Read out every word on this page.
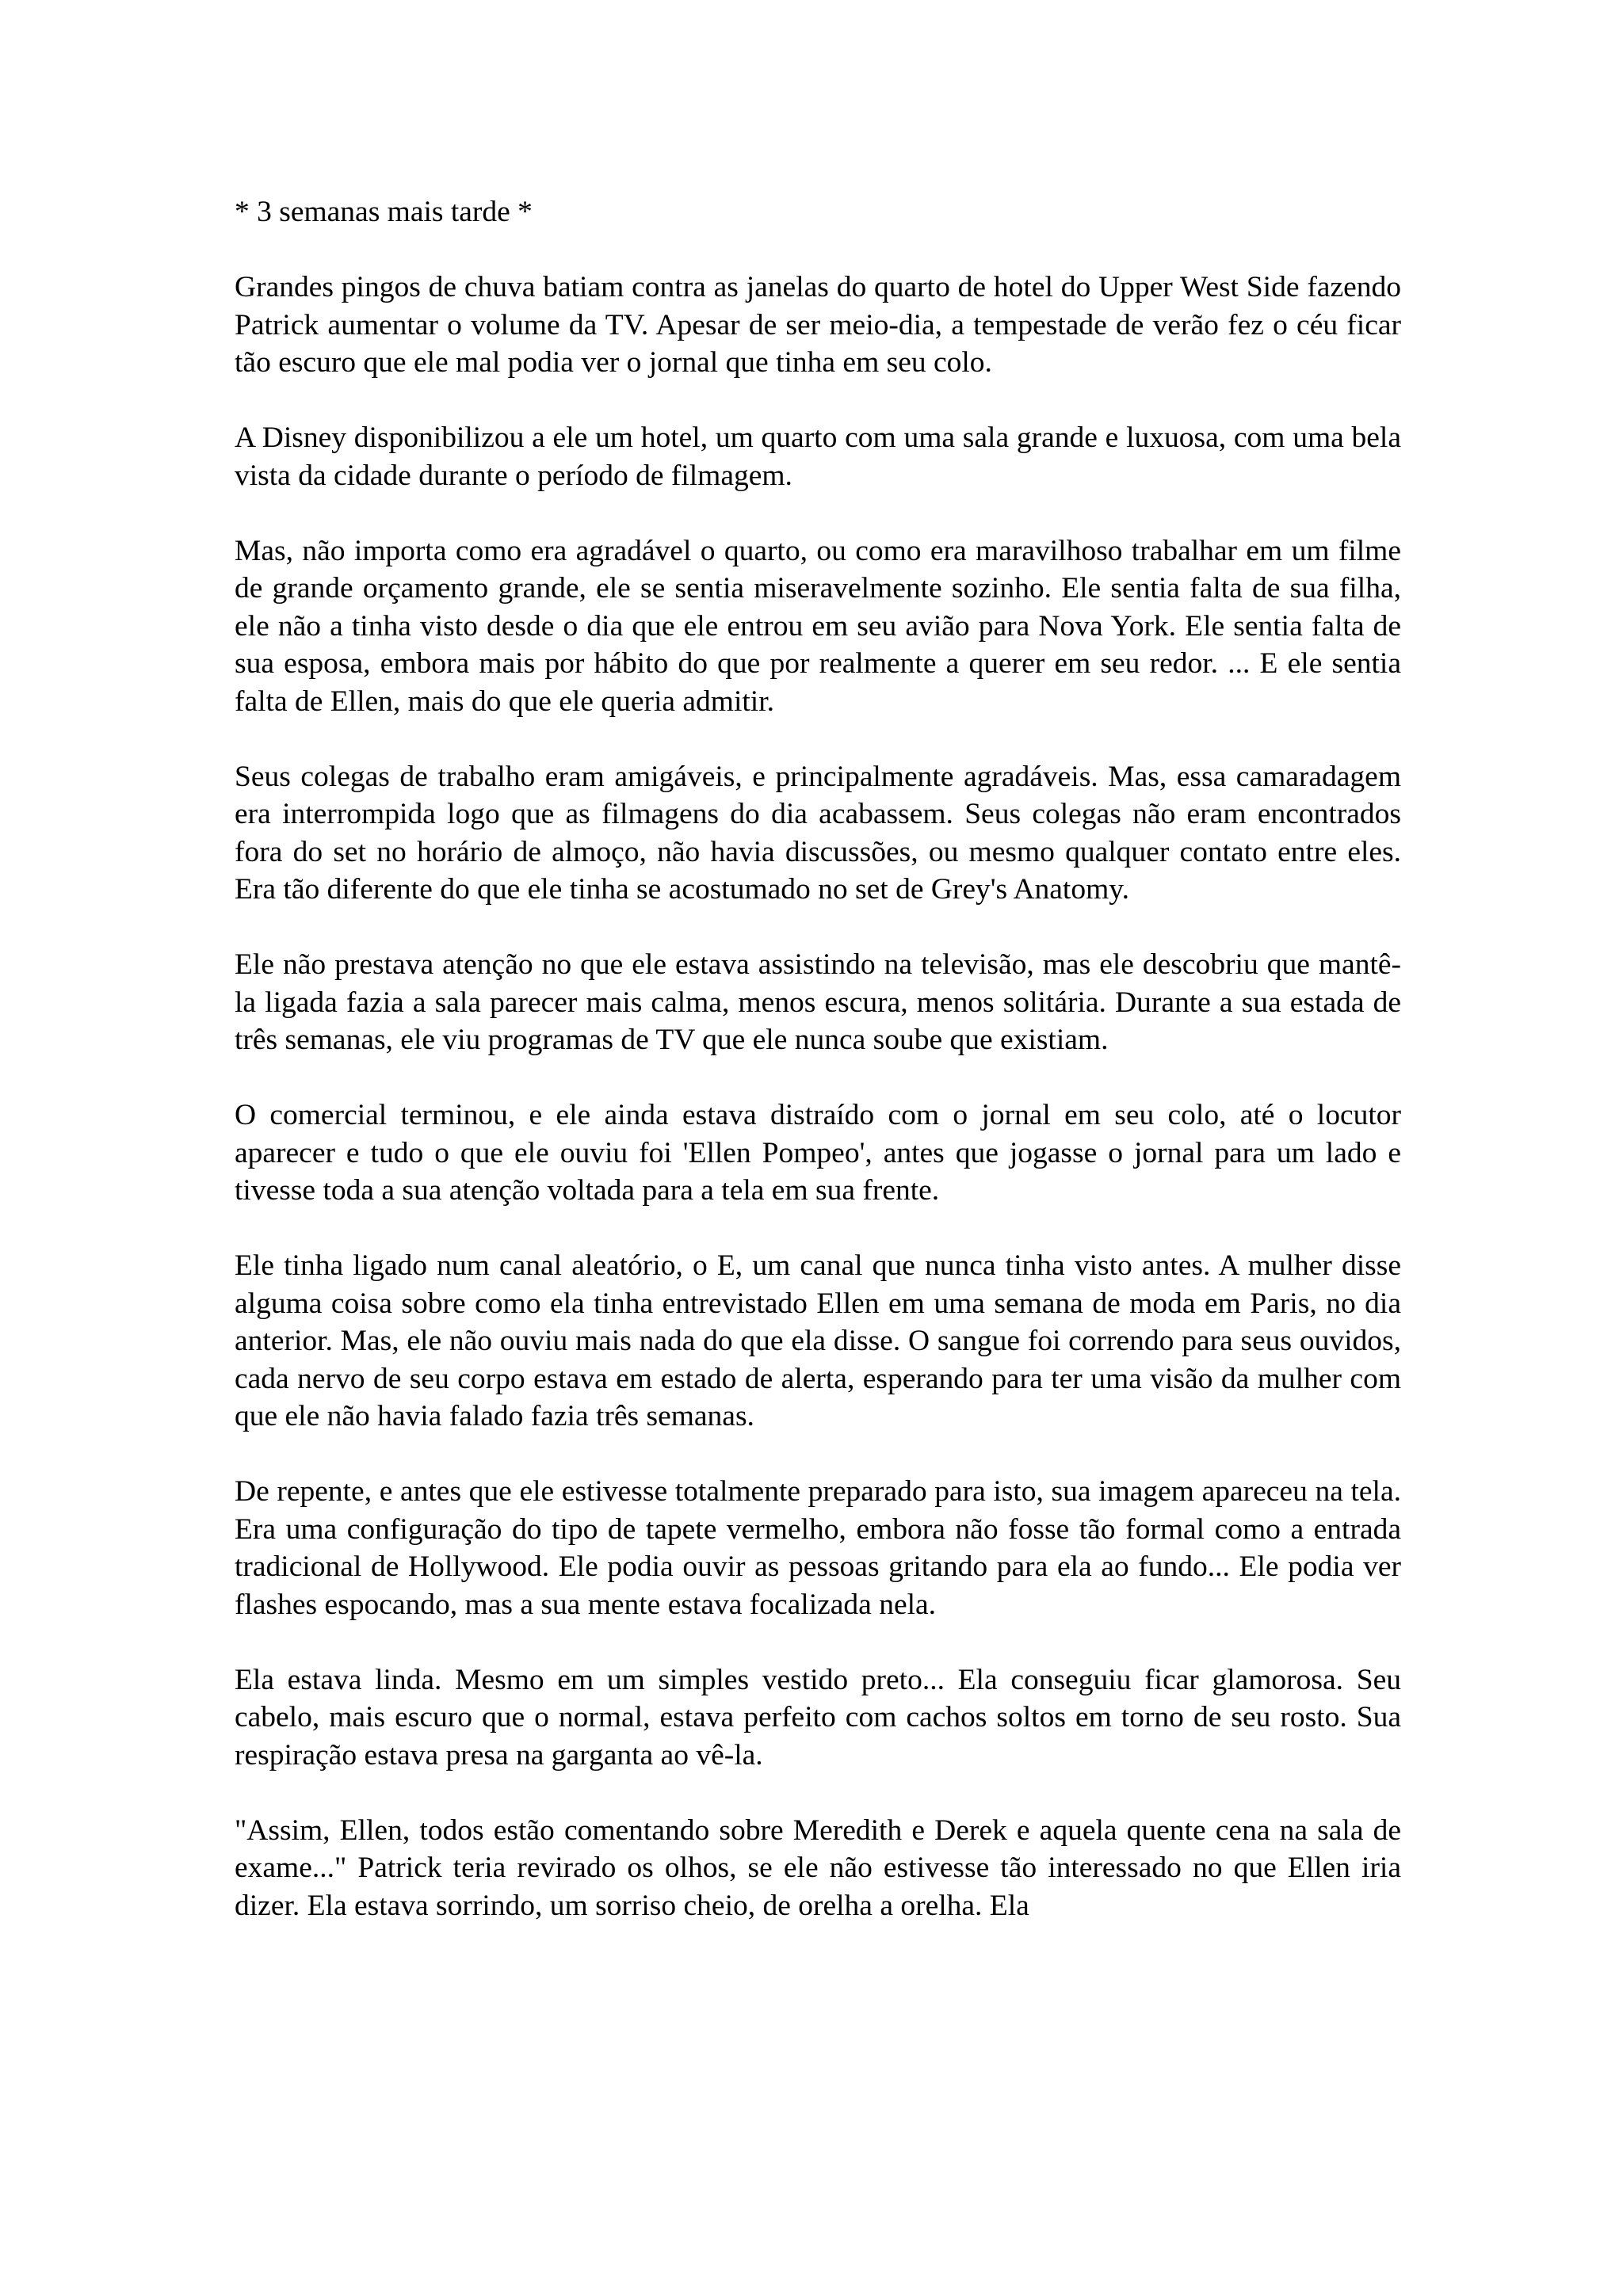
* 3 semanas mais tarde *

Grandes pingos de chuva batiam contra as janelas do quarto de hotel do Upper West Side fazendo Patrick aumentar o volume da TV. Apesar de ser meio-dia, a tempestade de verão fez o céu ficar tão escuro que ele mal podia ver o jornal que tinha em seu colo.

A Disney disponibilizou a ele um hotel, um quarto com uma sala grande e luxuosa, com uma bela vista da cidade durante o período de filmagem.

Mas, não importa como era agradável o quarto, ou como era maravilhoso trabalhar em um filme de grande orçamento grande, ele se sentia miseravelmente sozinho. Ele sentia falta de sua filha, ele não a tinha visto desde o dia que ele entrou em seu avião para Nova York. Ele sentia falta de sua esposa, embora mais por hábito do que por realmente a querer em seu redor. ... E ele sentia falta de Ellen, mais do que ele queria admitir.

Seus colegas de trabalho eram amigáveis, e principalmente agradáveis. Mas, essa camaradagem era interrompida logo que as filmagens do dia acabassem. Seus colegas não eram encontrados fora do set no horário de almoço, não havia discussões, ou mesmo qualquer contato entre eles. Era tão diferente do que ele tinha se acostumado no set de Grey's Anatomy.

Ele não prestava atenção no que ele estava assistindo na televisão, mas ele descobriu que mantê-la ligada fazia a sala parecer mais calma, menos escura, menos solitária. Durante a sua estada de três semanas, ele viu programas de TV que ele nunca soube que existiam.

O comercial terminou, e ele ainda estava distraído com o jornal em seu colo, até o locutor aparecer e tudo o que ele ouviu foi 'Ellen Pompeo', antes que jogasse o jornal para um lado e tivesse toda a sua atenção voltada para a tela em sua frente.

Ele tinha ligado num canal aleatório, o E, um canal que nunca tinha visto antes. A mulher disse alguma coisa sobre como ela tinha entrevistado Ellen em uma semana de moda em Paris, no dia anterior. Mas, ele não ouviu mais nada do que ela disse. O sangue foi correndo para seus ouvidos, cada nervo de seu corpo estava em estado de alerta, esperando para ter uma visão da mulher com que ele não havia falado fazia três semanas.

De repente, e antes que ele estivesse totalmente preparado para isto, sua imagem apareceu na tela. Era uma configuração do tipo de tapete vermelho, embora não fosse tão formal como a entrada tradicional de Hollywood. Ele podia ouvir as pessoas gritando para ela ao fundo... Ele podia ver flashes espocando, mas a sua mente estava focalizada nela.

Ela estava linda. Mesmo em um simples vestido preto... Ela conseguiu ficar glamorosa. Seu cabelo, mais escuro que o normal, estava perfeito com cachos soltos em torno de seu rosto. Sua respiração estava presa na garganta ao vê-la.

"Assim, Ellen, todos estão comentando sobre Meredith e Derek e aquela quente cena na sala de exame..." Patrick teria revirado os olhos, se ele não estivesse tão interessado no que Ellen iria dizer. Ela estava sorrindo, um sorriso cheio, de orelha a orelha. Ela
